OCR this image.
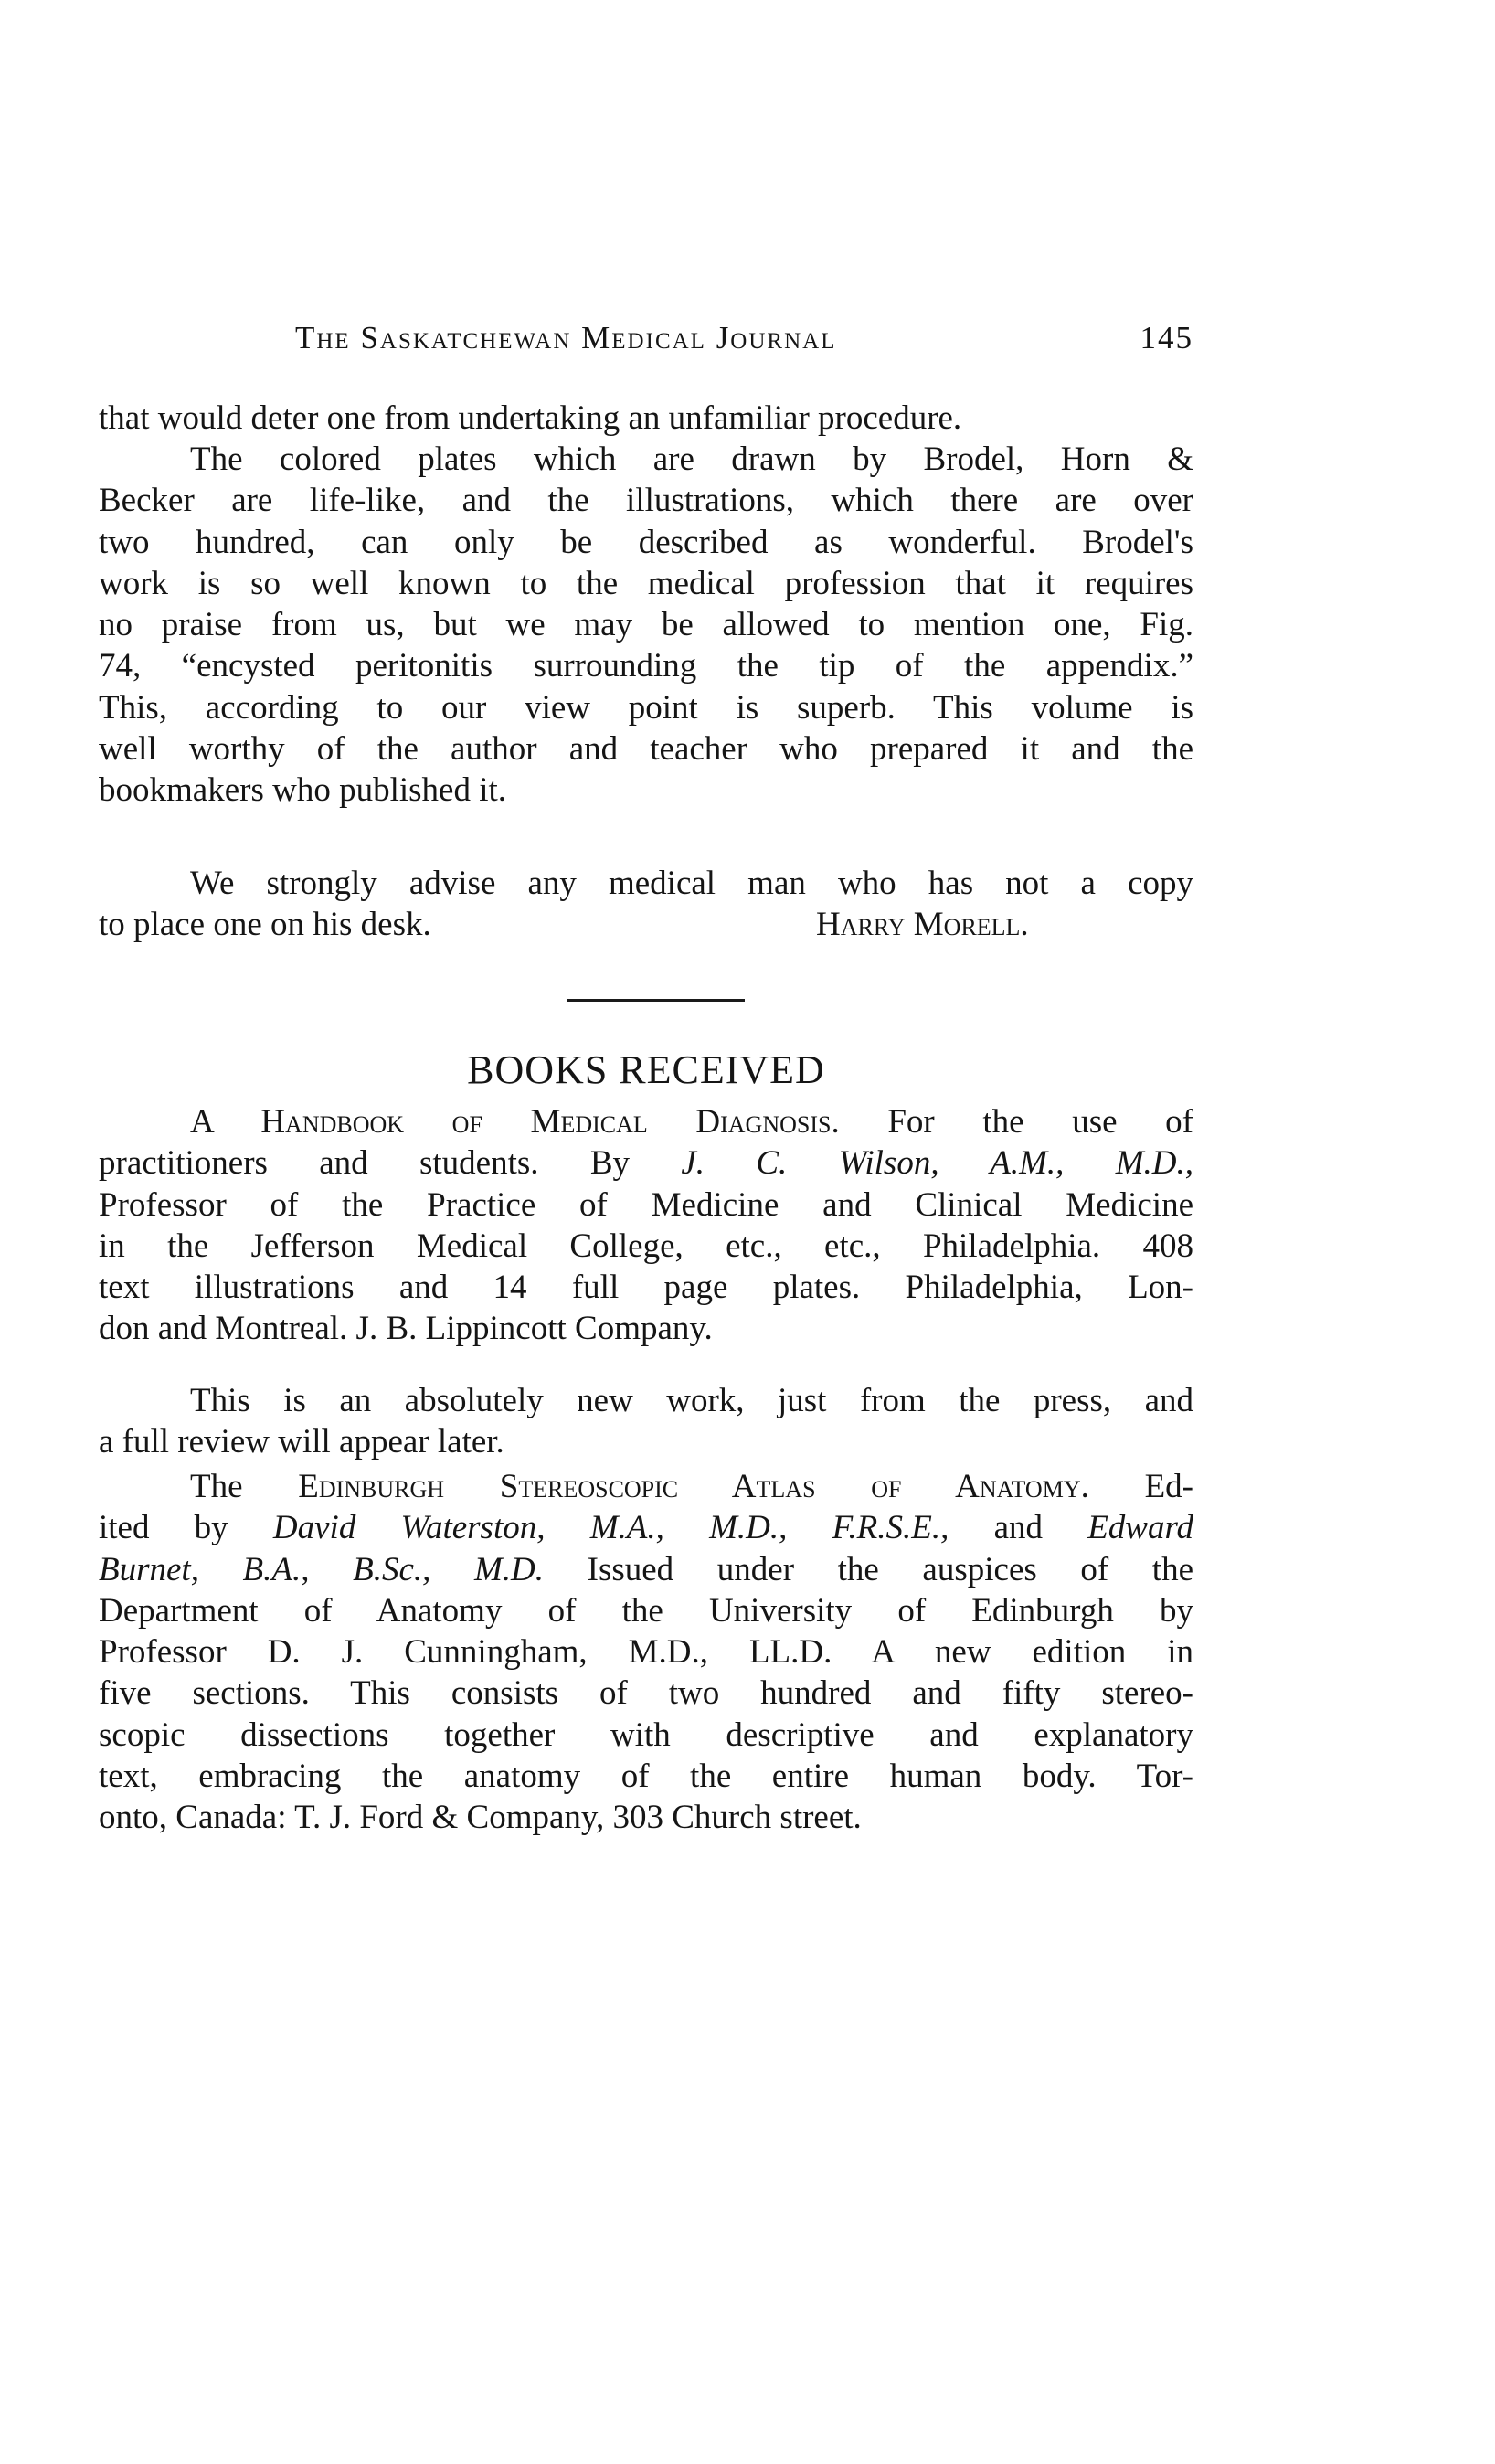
The Saskatchewan Medical Journal	145

that would deter one from undertaking an unfamiliar procedure.

The colored plates which are drawn by Brodel, Horn &
Becker are life-like, and the illustrations, which there are over
two hundred, can only be described as wonderful. Brodel's
work is so well known to the medical profession that it requires
no praise from us, but we may be allowed to mention one, Fig.
74, “encysted peritonitis surrounding the tip of the appendix.”
This, according to our view point is superb. This volume is
well worthy of the author and teacher who prepared it and the
bookmakers who published it.

We strongly advise any medical man who has not a copy
to place one on his desk.	Harry Morell.
BOOKS RECEIVED

A Handbook of Medical Diagnosis. For the use of
practitioners and students. By J. C. Wilson, A.M., M.D.,
Professor of the Practice of Medicine and Clinical Medicine
in the Jefferson Medical College, etc., etc., Philadelphia. 408
text illustrations and 14 full page plates. Philadelphia, Lon-
don and Montreal. J. B. Lippincott Company.

This is an absolutely new work, just from the press, and
a full review will appear later.

The Edinburgh Stereoscopic Atlas of Anatomy. Ed-
ited by David Waterston, M.A., M.D., F.R.S.E., and Edward
Burnet, B.A., B.Sc., M.D. Issued under the auspices of the
Department of Anatomy of the University of Edinburgh by
Professor D. J. Cunningham, M.D., LL.D. A new edition in
five sections. This consists of two hundred and fifty stereo-
scopic dissections together with descriptive and explanatory
text, embracing the anatomy of the entire human body. Tor-
onto, Canada: T. J. Ford & Company, 303 Church street.
